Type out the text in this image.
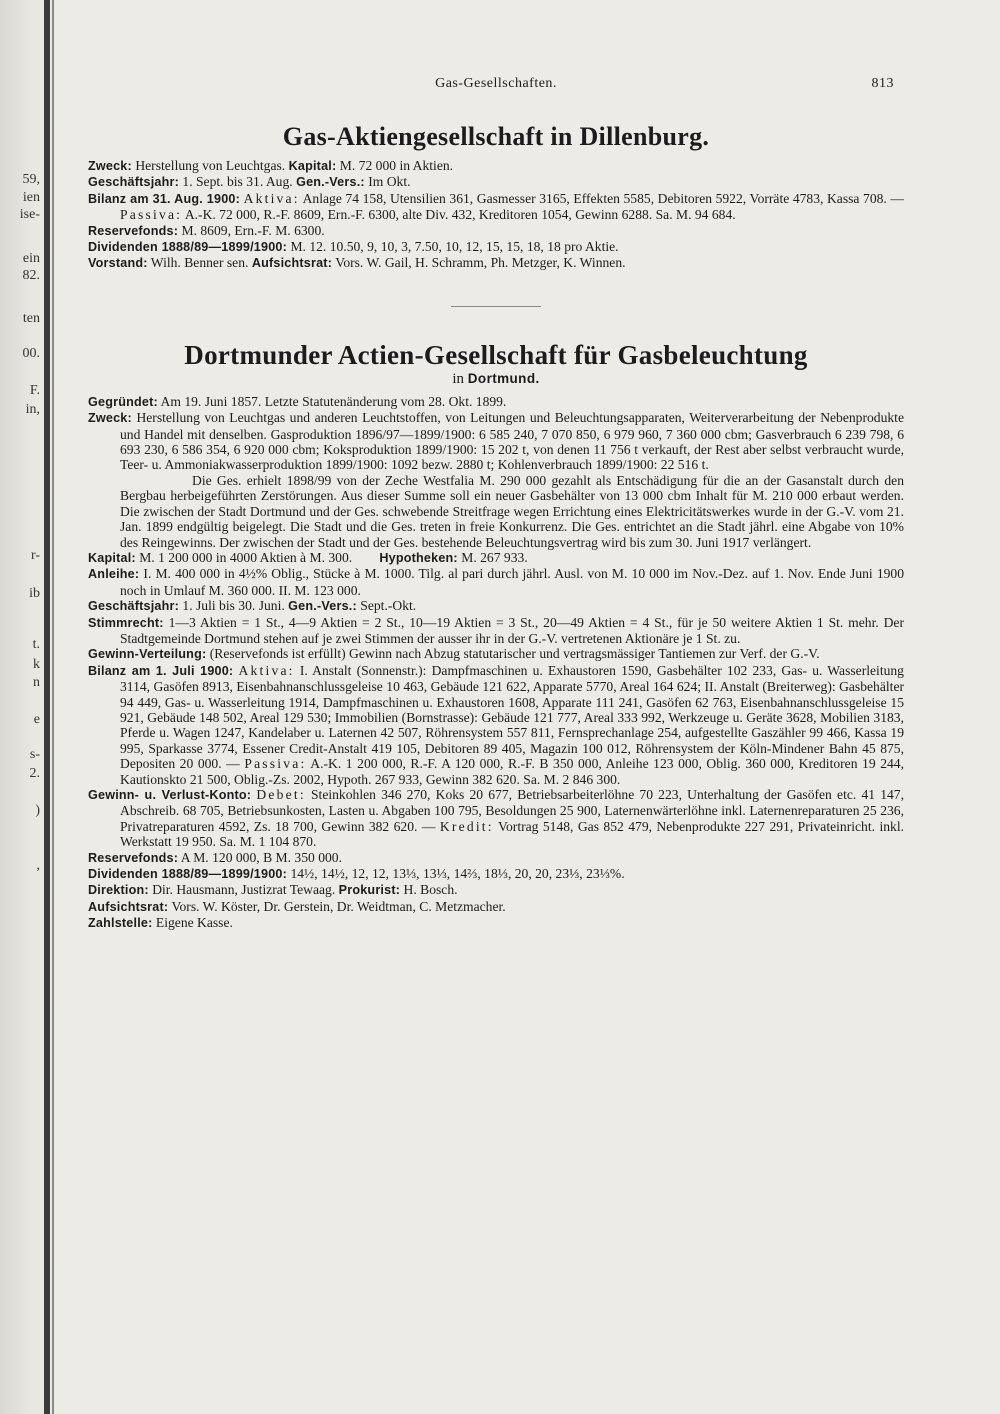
59,
ien
ise-
ein
82.
ten
00.
F.
in,
r-
ib
t.
k
n
e
s-
2.
)
,
Gas-Gesellschaften.	813
Gas-Aktiengesellschaft in Dillenburg.

Zweck: Herstellung von Leuchtgas. Kapital: M. 72 000 in Aktien.

Geschäftsjahr: 1. Sept. bis 31. Aug. Gen.-Vers.: Im Okt.

Bilanz am 31. Aug. 1900: Aktiva: Anlage 74 158, Utensilien 361, Gasmesser 3165, Effekten 5585, Debitoren 5922, Vorräte 4783, Kassa 708. — Passiva: A.-K. 72 000, R.-F. 8609, Ern.-F. 6300, alte Div. 432, Kreditoren 1054, Gewinn 6288. Sa. M. 94 684.

Reservefonds: M. 8609, Ern.-F. M. 6300.

Dividenden 1888/89—1899/1900: M. 12. 10.50, 9, 10, 3, 7.50, 10, 12, 15, 15, 18, 18 pro Aktie.

Vorstand: Wilh. Benner sen. Aufsichtsrat: Vors. W. Gail, H. Schramm, Ph. Metzger, K. Winnen.

Dortmunder Actien-Gesellschaft für Gasbeleuchtung

in Dortmund.

Gegründet: Am 19. Juni 1857. Letzte Statutenänderung vom 28. Okt. 1899.

Zweck: Herstellung von Leuchtgas und anderen Leuchtstoffen, von Leitungen und Beleuchtungsapparaten, Weiterverarbeitung der Nebenprodukte und Handel mit denselben. Gasproduktion 1896/97—1899/1900: 6 585 240, 7 070 850, 6 979 960, 7 360 000 cbm; Gasverbrauch 6 239 798, 6 693 230, 6 586 354, 6 920 000 cbm; Koksproduktion 1899/1900: 15 202 t, von denen 11 756 t verkauft, der Rest aber selbst verbraucht wurde, Teer- u. Ammoniakwasserproduktion 1899/1900: 1092 bezw. 2880 t; Kohlenverbrauch 1899/1900: 22 516 t.

Die Ges. erhielt 1898/99 von der Zeche Westfalia M. 290 000 gezahlt als Entschädigung für die an der Gasanstalt durch den Bergbau herbeigeführten Zerstörungen. Aus dieser Summe soll ein neuer Gasbehälter von 13 000 cbm Inhalt für M. 210 000 erbaut werden. Die zwischen der Stadt Dortmund und der Ges. schwebende Streitfrage wegen Errichtung eines Elektricitätswerkes wurde in der G.-V. vom 21. Jan. 1899 endgültig beigelegt. Die Stadt und die Ges. treten in freie Konkurrenz. Die Ges. entrichtet an die Stadt jährl. eine Abgabe von 10% des Reingewinns. Der zwischen der Stadt und der Ges. bestehende Beleuchtungsvertrag wird bis zum 30. Juni 1917 verlängert.

Kapital: M. 1 200 000 in 4000 Aktien à M. 300. Hypotheken: M. 267 933.

Anleihe: I. M. 400 000 in 4½% Oblig., Stücke à M. 1000. Tilg. al pari durch jährl. Ausl. von M. 10 000 im Nov.-Dez. auf 1. Nov. Ende Juni 1900 noch in Umlauf M. 360 000. II. M. 123 000.

Geschäftsjahr: 1. Juli bis 30. Juni. Gen.-Vers.: Sept.-Okt.

Stimmrecht: 1—3 Aktien = 1 St., 4—9 Aktien = 2 St., 10—19 Aktien = 3 St., 20—49 Aktien = 4 St., für je 50 weitere Aktien 1 St. mehr. Der Stadtgemeinde Dortmund stehen auf je zwei Stimmen der ausser ihr in der G.-V. vertretenen Aktionäre je 1 St. zu.

Gewinn-Verteilung: (Reservefonds ist erfüllt) Gewinn nach Abzug statutarischer und vertragsmässiger Tantiemen zur Verf. der G.-V.

Bilanz am 1. Juli 1900: Aktiva: I. Anstalt (Sonnenstr.): Dampfmaschinen u. Exhaustoren 1590, Gasbehälter 102 233, Gas- u. Wasserleitung 3114, Gasöfen 8913, Eisenbahnanschlussgeleise 10 463, Gebäude 121 622, Apparate 5770, Areal 164 624; II. Anstalt (Breiterweg): Gasbehälter 94 449, Gas- u. Wasserleitung 1914, Dampfmaschinen u. Exhaustoren 1608, Apparate 111 241, Gasöfen 62 763, Eisenbahnanschlussgeleise 15 921, Gebäude 148 502, Areal 129 530; Immobilien (Bornstrasse): Gebäude 121 777, Areal 333 992, Werkzeuge u. Geräte 3628, Mobilien 3183, Pferde u. Wagen 1247, Kandelaber u. Laternen 42 507, Röhrensystem 557 811, Fernsprechanlage 254, aufgestellte Gaszähler 99 466, Kassa 19 995, Sparkasse 3774, Essener Credit-Anstalt 419 105, Debitoren 89 405, Magazin 100 012, Röhrensystem der Köln-Mindener Bahn 45 875, Depositen 20 000. — Passiva: A.-K. 1 200 000, R.-F. A 120 000, R.-F. B 350 000, Anleihe 123 000, Oblig. 360 000, Kreditoren 19 244, Kautionskto 21 500, Oblig.-Zs. 2002, Hypoth. 267 933, Gewinn 382 620. Sa. M. 2 846 300.

Gewinn- u. Verlust-Konto: Debet: Steinkohlen 346 270, Koks 20 677, Betriebsarbeiterlöhne 70 223, Unterhaltung der Gasöfen etc. 41 147, Abschreib. 68 705, Betriebsunkosten, Lasten u. Abgaben 100 795, Besoldungen 25 900, Laternenwärterlöhne inkl. Laternenreparaturen 25 236, Privatreparaturen 4592, Zs. 18 700, Gewinn 382 620. — Kredit: Vortrag 5148, Gas 852 479, Nebenprodukte 227 291, Privateinricht. inkl. Werkstatt 19 950. Sa. M. 1 104 870.

Reservefonds: A M. 120 000, B M. 350 000.

Dividenden 1888/89—1899/1900: 14½, 14½, 12, 12, 13⅓, 13⅓, 14⅔, 18⅓, 20, 20, 23⅓, 23⅓%.

Direktion: Dir. Hausmann, Justizrat Tewaag. Prokurist: H. Bosch.

Aufsichtsrat: Vors. W. Köster, Dr. Gerstein, Dr. Weidtman, C. Metzmacher.

Zahlstelle: Eigene Kasse.
